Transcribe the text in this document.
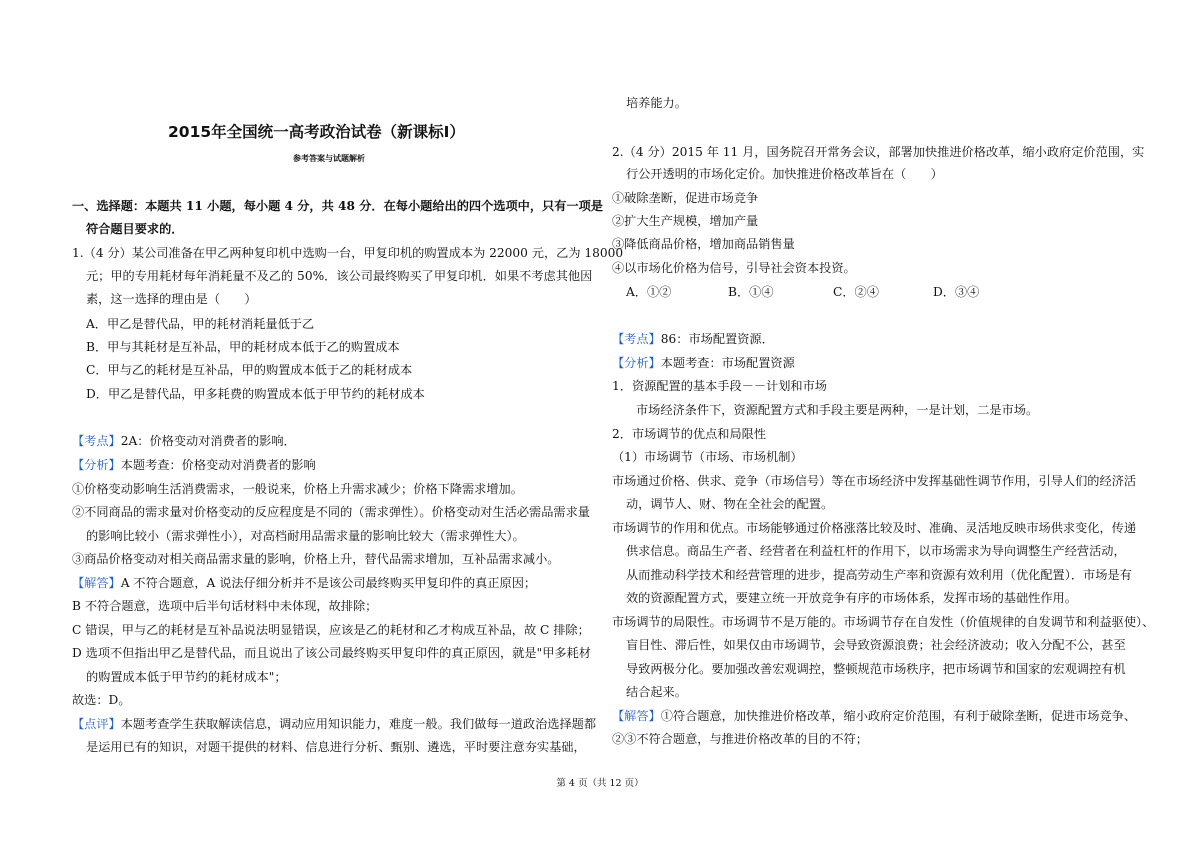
2015年全国统一高考政治试卷（新课标Ⅰ）
参考答案与试题解析
一、选择题：本题共 11 小题，每小题 4 分，共 48 分．在每小题给出的四个选项中，只有一项是
符合题目要求的．
1.（4 分）某公司准备在甲乙两种复印机中选购一台，甲复印机的购置成本为 22000 元，乙为 18000
元；甲的专用耗材每年消耗量不及乙的 50%．该公司最终购买了甲复印机．如果不考虑其他因
素，这一选择的理由是（　　）
A．甲乙是替代品，甲的耗材消耗量低于乙
B．甲与其耗材是互补品，甲的耗材成本低于乙的购置成本
C．甲与乙的耗材是互补品，甲的购置成本低于乙的耗材成本
D．甲乙是替代品，甲多耗费的购置成本低于甲节约的耗材成本
【考点】2A：价格变动对消费者的影响．
【分析】本题考查：价格变动对消费者的影响
①价格变动影响生活消费需求，一般说来，价格上升需求减少；价格下降需求增加。
②不同商品的需求量对价格变动的反应程度是不同的（需求弹性）。价格变动对生活必需品需求量
的影响比较小（需求弹性小），对高档耐用品需求量的影响比较大（需求弹性大）。
③商品价格变动对相关商品需求量的影响，价格上升，替代品需求增加，互补品需求减小。
【解答】A 不符合题意，A 说法仔细分析并不是该公司最终购买甲复印件的真正原因；
B 不符合题意，选项中后半句话材料中未体现，故排除；
C 错误，甲与乙的耗材是互补品说法明显错误，应该是乙的耗材和乙才构成互补品，故 C 排除；
D 选项不但指出甲乙是替代品，而且说出了该公司最终购买甲复印件的真正原因，就是"甲多耗材
的购置成本低于甲节约的耗材成本"；
故选：D。
【点评】本题考查学生获取解读信息，调动应用知识能力，难度一般。我们做每一道政治选择题都
是运用已有的知识，对题干提供的材料、信息进行分析、甄别、遴选，平时要注意夯实基础，
培养能力。
2.（4 分）2015 年 11 月，国务院召开常务会议，部署加快推进价格改革，缩小政府定价范围，实
行公开透明的市场化定价。加快推进价格改革旨在（　　）
①破除垄断，促进市场竞争
②扩大生产规模，增加产量
③降低商品价格，增加商品销售量
④以市场化价格为信号，引导社会资本投资。
A．①②	B．①④	C．②④	D．③④
【考点】86：市场配置资源．
【分析】本题考查：市场配置资源
1．资源配置的基本手段－－计划和市场
市场经济条件下，资源配置方式和手段主要是两种，一是计划，二是市场。
2．市场调节的优点和局限性
（1）市场调节（市场、市场机制）
市场通过价格、供求、竞争（市场信号）等在市场经济中发挥基础性调节作用，引导人们的经济活
动，调节人、财、物在全社会的配置。
市场调节的作用和优点。市场能够通过价格涨落比较及时、准确、灵活地反映市场供求变化，传递
供求信息。商品生产者、经营者在利益杠杆的作用下，以市场需求为导向调整生产经营活动，
从而推动科学技术和经营管理的进步，提高劳动生产率和资源有效利用（优化配置）．市场是有
效的资源配置方式，要建立统一开放竞争有序的市场体系，发挥市场的基础性作用。
市场调节的局限性。市场调节不是万能的。市场调节存在自发性（价值规律的自发调节和利益驱使）、
盲目性、滞后性，如果仅由市场调节，会导致资源浪费；社会经济波动；收入分配不公，甚至
导致两极分化。要加强改善宏观调控，整顿规范市场秩序，把市场调节和国家的宏观调控有机
结合起来。
【解答】①符合题意，加快推进价格改革，缩小政府定价范围，有利于破除垄断，促进市场竞争、
②③不符合题意，与推进价格改革的目的不符；
第 4 页（共 12 页）
